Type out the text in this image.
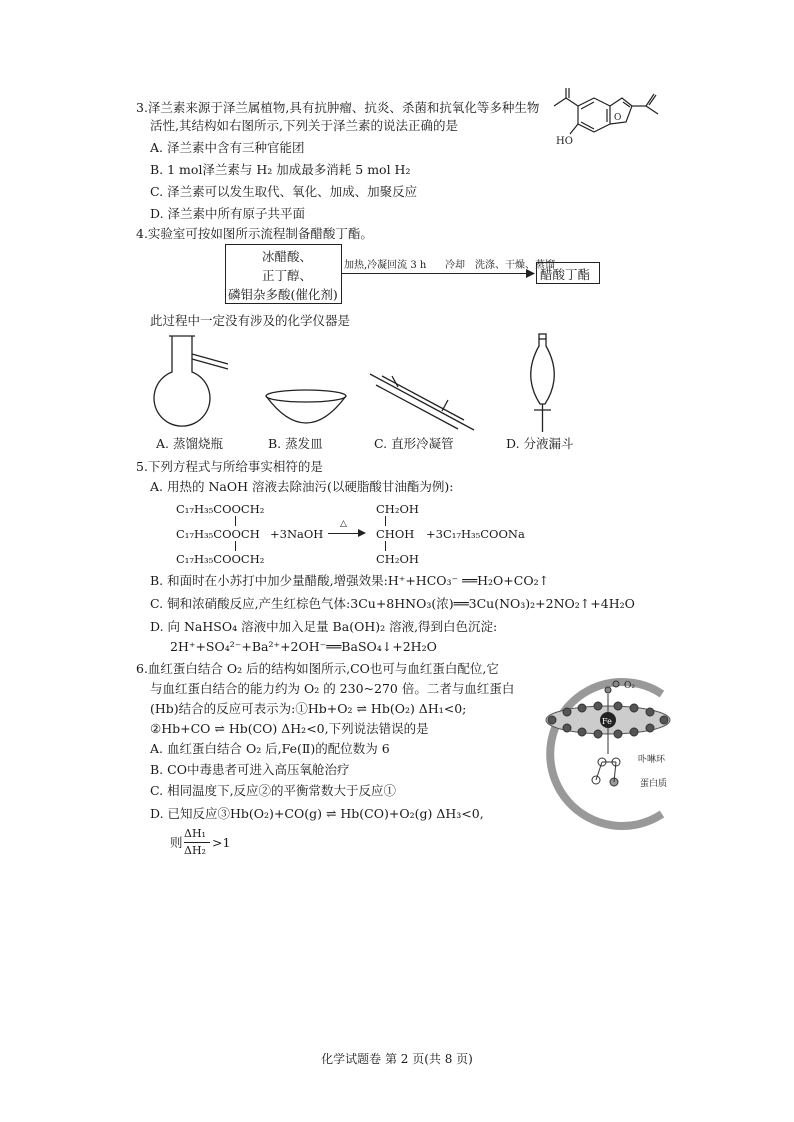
3.泽兰素来源于泽兰属植物,具有抗肿瘤、抗炎、杀菌和抗氧化等多种生物
活性,其结构如右图所示,下列关于泽兰素的说法正确的是
A. 泽兰素中含有三种官能团
B. 1 mol泽兰素与 H₂ 加成最多消耗 5 mol H₂
C. 泽兰素可以发生取代、氧化、加成、加聚反应
D. 泽兰素中所有原子共平面
HO
O
4.实验室可按如图所示流程制备醋酸丁酯。
冰醋酸、
正丁醇、
磷钼杂多酸(催化剂)
加热,冷凝回流 3 h 冷却 洗涤、干燥、蒸馏
醋酸丁酯
此过程中一定没有涉及的化学仪器是
A. 蒸馏烧瓶	B. 蒸发皿	C. 直形冷凝管	D. 分液漏斗
5.下列方程式与所给事实相符的是
A. 用热的 NaOH 溶液去除油污(以硬脂酸甘油酯为例):
C₁₇H₃₅COOCH₂
C₁₇H₃₅COOCH
C₁₇H₃₅COOCH₂
+3NaOH
△
CH₂OH
CHOH
CH₂OH
+3C₁₇H₃₅COONa
B. 和面时在小苏打中加少量醋酸,增强效果:H⁺+HCO₃⁻ ══H₂O+CO₂↑
C. 铜和浓硝酸反应,产生红棕色气体:3Cu+8HNO₃(浓)══3Cu(NO₃)₂+2NO₂↑+4H₂O
D. 向 NaHSO₄ 溶液中加入足量 Ba(OH)₂ 溶液,得到白色沉淀:
2H⁺+SO₄²⁻+Ba²⁺+2OH⁻══BaSO₄↓+2H₂O
6.血红蛋白结合 O₂ 后的结构如图所示,CO也可与血红蛋白配位,它
与血红蛋白结合的能力约为 O₂ 的 230~270 倍。二者与血红蛋白
(Hb)结合的反应可表示为:①Hb+O₂ ⇌ Hb(O₂) ΔH₁<0;
②Hb+CO ⇌ Hb(CO) ΔH₂<0,下列说法错误的是
A. 血红蛋白结合 O₂ 后,Fe(Ⅱ)的配位数为 6
B. CO中毒患者可进入高压氧舱治疗
C. 相同温度下,反应②的平衡常数大于反应①
D. 已知反应③Hb(O₂)+CO(g) ⇌ Hb(CO)+O₂(g) ΔH₃<0,
则
ΔH₁
ΔH₂
>1
Fe
O₂
卟啉环
蛋白质
化学试题卷 第 2 页(共 8 页)
